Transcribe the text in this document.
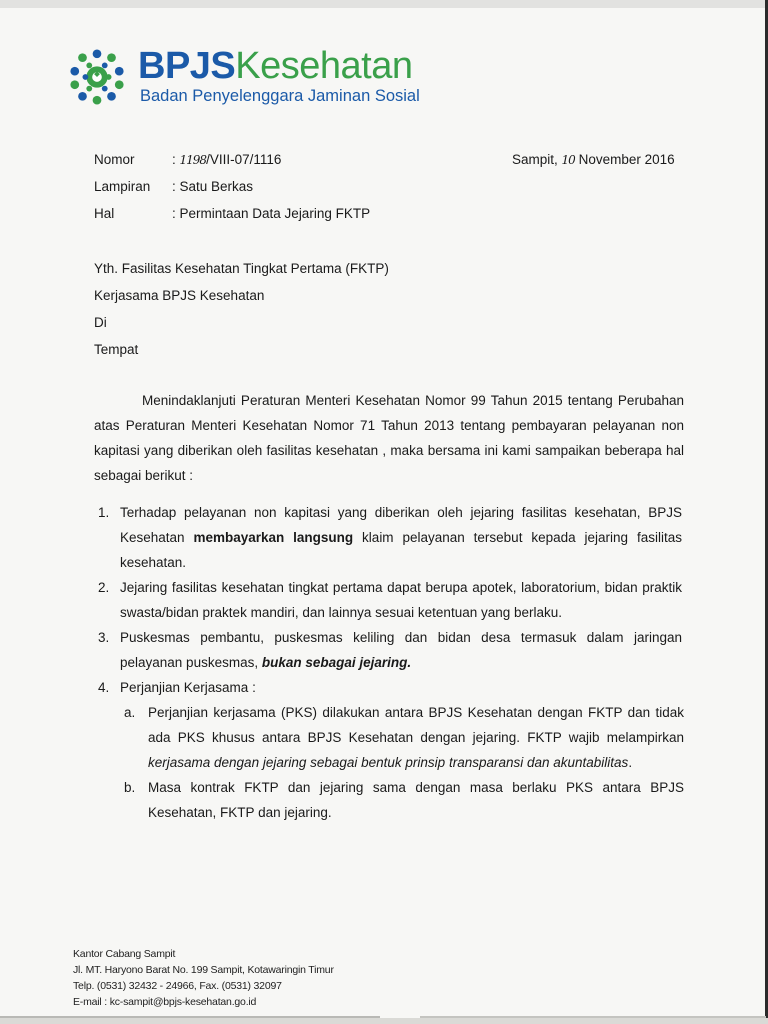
BPJSKesehatan
Badan Penyelenggara Jaminan Sosial
Nomor	: 1198/VIII-07/1116
Lampiran : Satu Berkas
Hal	: Permintaan Data Jejaring FKTP
Sampit, 10 November 2016
Yth. Fasilitas Kesehatan Tingkat Pertama (FKTP)
Kerjasama BPJS Kesehatan
Di
Tempat
Menindaklanjuti Peraturan Menteri Kesehatan Nomor 99 Tahun 2015 tentang Perubahan atas Peraturan Menteri Kesehatan Nomor 71 Tahun 2013 tentang pembayaran pelayanan non kapitasi yang diberikan oleh fasilitas kesehatan , maka bersama ini kami sampaikan beberapa hal sebagai berikut :
1. Terhadap pelayanan non kapitasi yang diberikan oleh jejaring fasilitas kesehatan, BPJS Kesehatan membayarkan langsung klaim pelayanan tersebut kepada jejaring fasilitas kesehatan.
2. Jejaring fasilitas kesehatan tingkat pertama dapat berupa apotek, laboratorium, bidan praktik swasta/bidan praktek mandiri, dan lainnya sesuai ketentuan yang berlaku.
3. Puskesmas pembantu, puskesmas keliling dan bidan desa termasuk dalam jaringan pelayanan puskesmas, bukan sebagai jejaring.
4. Perjanjian Kerjasama :
a. Perjanjian kerjasama (PKS) dilakukan antara BPJS Kesehatan dengan FKTP dan tidak ada PKS khusus antara BPJS Kesehatan dengan jejaring. FKTP wajib melampirkan kerjasama dengan jejaring sebagai bentuk prinsip transparansi dan akuntabilitas.
b. Masa kontrak FKTP dan jejaring sama dengan masa berlaku PKS antara BPJS Kesehatan, FKTP dan jejaring.
Kantor Cabang Sampit
Jl. MT. Haryono Barat No. 199 Sampit, Kotawaringin Timur
Telp. (0531) 32432 - 24966, Fax. (0531) 32097
E-mail : kc-sampit@bpjs-kesehatan.go.id
